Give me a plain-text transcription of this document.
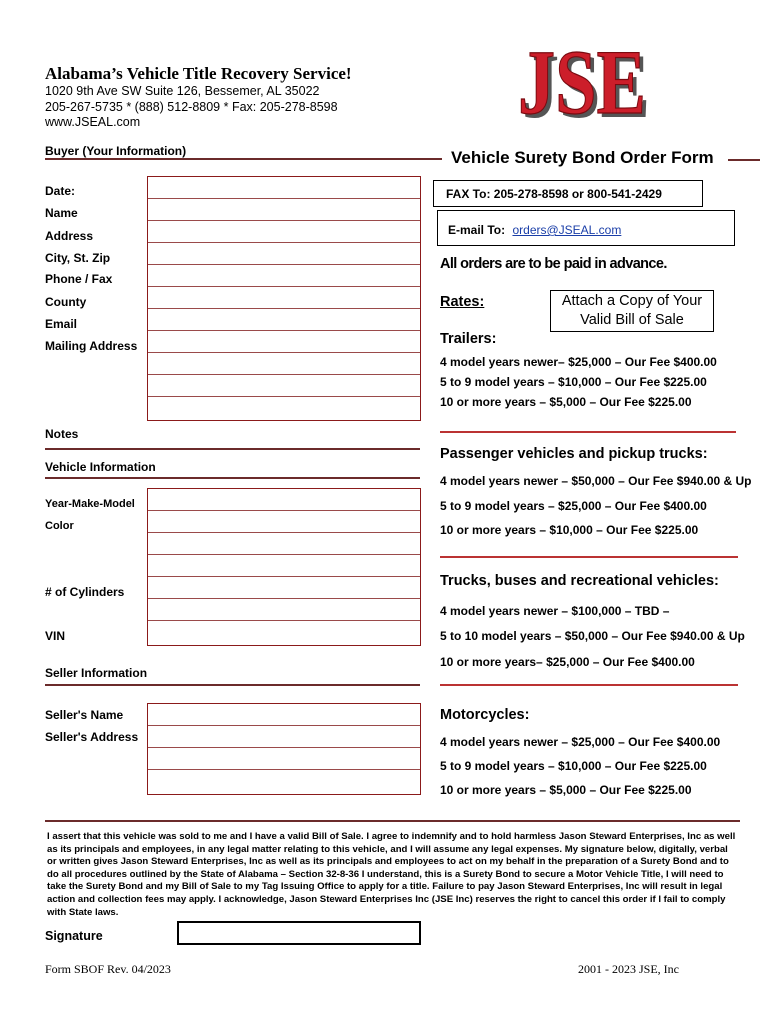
Alabama’s Vehicle Title Recovery Service!
1020 9th Ave SW Suite 126, Bessemer, AL 35022
205-267-5735 * (888) 512-8809 * Fax: 205-278-8598
www.JSEAL.com	JSE
JSE
Buyer (Your Information)
Date:
Name
Address
City, St. Zip
Phone / Fax
County
Email
Mailing Address
Notes
Vehicle Information
Year-Make-Model
Color
# of Cylinders
VIN
Seller Information
Seller's Name
Seller's Address
Vehicle Surety Bond Order Form
FAX To: 205-278-8598 or 800-541-2429
E-mail To: orders@JSEAL.com
All orders are to be paid in advance.
Rates:	Attach a Copy of Your
Valid Bill of Sale
Trailers:
4 model years newer– $25,000 – Our Fee $400.00
5 to 9 model years – $10,000 – Our Fee $225.00
10 or more years – $5,000 – Our Fee $225.00
Passenger vehicles and pickup trucks:
4 model years newer – $50,000 – Our Fee $940.00 & Up
5 to 9 model years – $25,000 – Our Fee $400.00
10 or more years – $10,000 – Our Fee $225.00
Trucks, buses and recreational vehicles:
4 model years newer – $100,000 – TBD –
5 to 10 model years – $50,000 – Our Fee $940.00 & Up
10 or more years– $25,000 – Our Fee $400.00
Motorcycles:
4 model years newer – $25,000 – Our Fee $400.00
5 to 9 model years – $10,000 – Our Fee $225.00
10 or more years – $5,000 – Our Fee $225.00
I assert that this vehicle was sold to me and I have a valid Bill of Sale. I agree to indemnify and to hold harmless Jason Steward Enterprises, Inc as well as its principals and employees, in any legal matter relating to this vehicle, and I will assume any legal expenses. My signature below, digitally, verbal or written gives Jason Steward Enterprises, Inc as well as its principals and employees to act on my behalf in the preparation of a Surety Bond and to do all procedures outlined by the State of Alabama – Section 32-8-36 I understand, this is a Surety Bond to secure a Motor Vehicle Title, I will need to take the Surety Bond and my Bill of Sale to my Tag Issuing Office to apply for a title. Failure to pay Jason Steward Enterprises, Inc will result in legal action and collection fees may apply. I acknowledge, Jason Steward Enterprises Inc (JSE Inc) reserves the right to cancel this order if I fail to comply with State laws.
Signature
Form SBOF Rev. 04/2023	2001 - 2023 JSE, Inc
